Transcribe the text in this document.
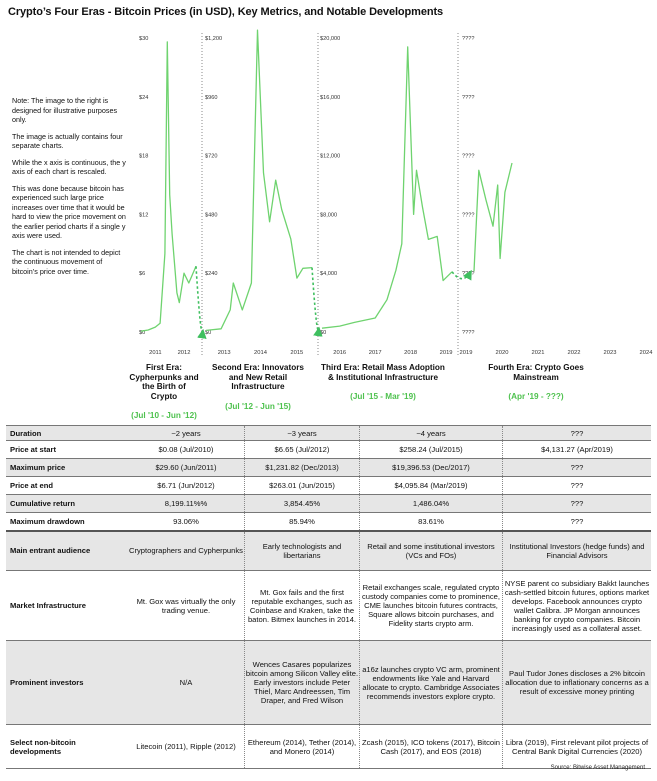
Crypto’s Four Eras - Bitcoin Prices (in USD), Key Metrics, and Notable Developments

Note: The image to the right is designed for illustrative purposes only.

The image is actually contains four separate charts.

While the x axis is continuous, the y axis of each chart is rescaled.

This was done because bitcoin has experienced such large price increases over time that it would be hard to view the price movement on the earlier period charts if a single y axis were used.

The chart is not intended to depict the continuous movement of bitcoin’s price over time.

$0
$6
$12
$18
$24
$30
2011	2012
$0
$240
$480
$720
$960
$1,200
2013	2014	2015
$0
$4,000
$8,000
$12,000
$16,000
$20,000
2016	2017	2018	2019
????
????
????
????
????
????
2019	2020	2021	2022	2023	2024
First Era: Cypherpunks and the Birth of Crypto
(Jul '10 - Jun '12)
Second Era: Innovators and New Retail Infrastructure
(Jul '12 - Jun '15)
Third Era: Retail Mass Adoption & Institutional Infrastructure
(Jul '15 - Mar '19)
Fourth Era: Crypto Goes Mainstream
(Apr '19 - ???)
Duration	~2 years	~3 years	~4 years	???
Price at start	$0.08 (Jul/2010)	$6.65 (Jul/2012)	$258.24 (Jul/2015)	$4,131.27 (Apr/2019)
Maximum price	$29.60 (Jun/2011)	$1,231.82 (Dec/2013)	$19,396.53 (Dec/2017)	???
Price at end	$6.71 (Jun/2012)	$263.01 (Jun/2015)	$4,095.84 (Mar/2019)	???
Cumulative return	8,199.11%%	3,854.45%	1,486.04%	???
Maximum drawdown	93.06%	85.94%	83.61%	???
Main entrant audience	Cryptographers and Cypherpunks	Early technologists and libertarians	Retail and some institutional investors (VCs and FOs)	Institutional Investors (hedge funds) and Financial Advisors
Market Infrastructure	Mt. Gox was virtually the only trading venue.	Mt. Gox fails and the first reputable exchanges, such as Coinbase and Kraken, take the baton. Bitmex launches in 2014.	Retail exchanges scale, regulated crypto custody companies come to prominence, CME launches bitcoin futures contracts, Square allows bitcoin purchases, and Fidelity starts crypto arm.	NYSE parent co subsidiary Bakkt launches cash-settled bitcoin futures, options market develops. Facebook announces crypto wallet Calibra. JP Morgan announces banking for crypto companies. Bitcoin increasingly used as a collateral asset.
Prominent investors	N/A	Wences Casares popularizes bitcoin among Silicon Valley elite. Early investors include Peter Thiel, Marc Andreessen, Tim Draper, and Fred Wilson	a16z launches crypto VC arm, prominent endowments like Yale and Harvard allocate to crypto. Cambridge Associates recommends investors explore crypto.	Paul Tudor Jones discloses a 2% bitcoin allocation due to inflationary concerns as a result of excessive money printing
Select non-bitcoin developments	Litecoin (2011), Ripple (2012)	Ethereum (2014), Tether (2014), and Monero (2014)	Zcash (2015), ICO tokens (2017), Bitcoin Cash (2017), and EOS (2018)	Libra (2019), First relevant pilot projects of Central Bank Digital Currencies (2020)
Source: Bitwise Asset Management
